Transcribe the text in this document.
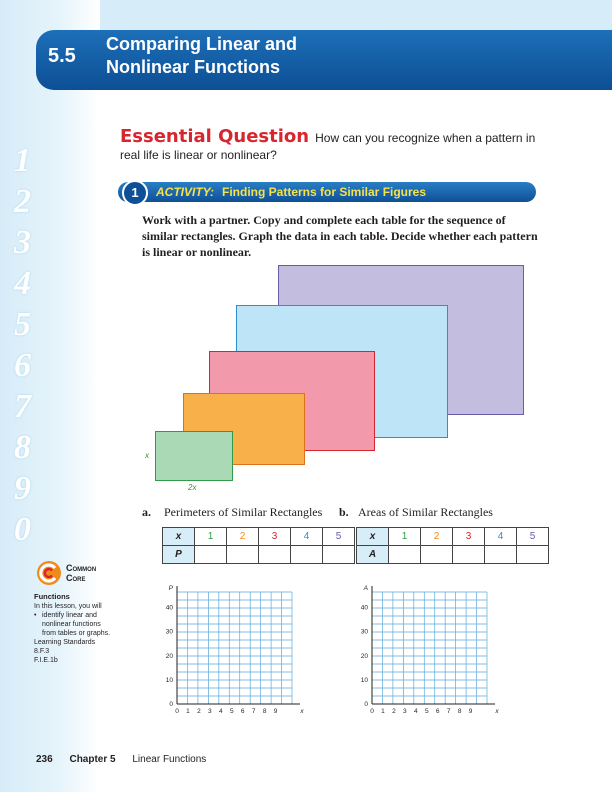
1
2
3
4
5
6
7
8
9
0
5.5
Comparing Linear and
Nonlinear Functions
Essential Question How can you recognize when a pattern in real life is linear or nonlinear?
1	ACTIVITY: Finding Patterns for Similar Figures
Work with a partner. Copy and complete each table for the sequence of similar rectangles. Graph the data in each table. Decide whether each pattern is linear or nonlinear.
x
2x
a. Perimeters of Similar Rectangles
x	1	2	3	4	5
P					
b. Areas of Similar Rectangles
x	1	2	3	4	5
A					
0 1 2 3 4 5 6 7 8 9
40
30
20
10
0
P
x	0 1 2 3 4 5 6 7 8 9
40
30
20
10
0
A
x
Common
Core
Functions
In this lesson, you will
• identify linear and nonlinear functions from tables or graphs.
Learning Standards
8.F.3
F.I.E.1b
236 Chapter 5 Linear Functions
